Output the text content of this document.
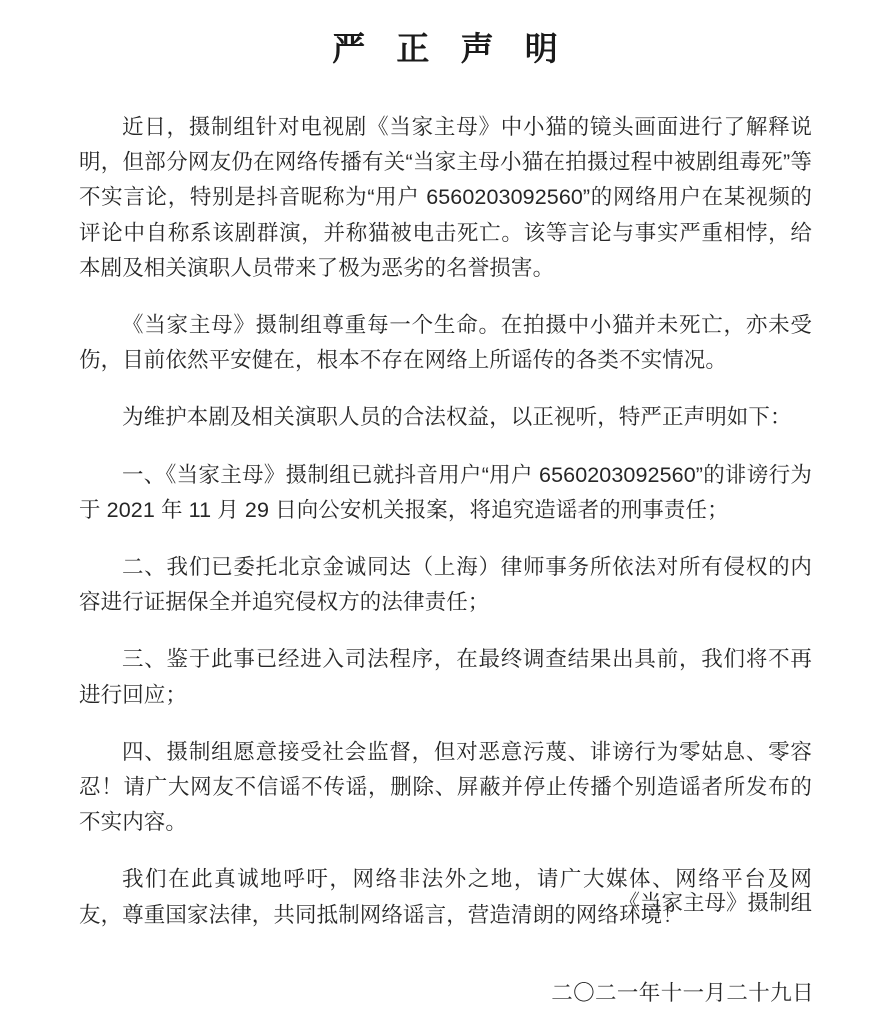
严 正 声 明

近日，摄制组针对电视剧《当家主母》中小猫的镜头画面进行了解释说明，但部分网友仍在网络传播有关“当家主母小猫在拍摄过程中被剧组毒死”等不实言论，特别是抖音昵称为“用户 6560203092560”的网络用户在某视频的评论中自称系该剧群演，并称猫被电击死亡。该等言论与事实严重相悖，给本剧及相关演职人员带来了极为恶劣的名誉损害。

《当家主母》摄制组尊重每一个生命。在拍摄中小猫并未死亡，亦未受伤，目前依然平安健在，根本不存在网络上所谣传的各类不实情况。

为维护本剧及相关演职人员的合法权益，以正视听，特严正声明如下：

一、《当家主母》摄制组已就抖音用户“用户 6560203092560”的诽谤行为于 2021 年 11 月 29 日向公安机关报案，将追究造谣者的刑事责任；

二、我们已委托北京金诚同达（上海）律师事务所依法对所有侵权的内容进行证据保全并追究侵权方的法律责任；

三、鉴于此事已经进入司法程序，在最终调查结果出具前，我们将不再进行回应；

四、摄制组愿意接受社会监督，但对恶意污蔑、诽谤行为零姑息、零容忍！请广大网友不信谣不传谣，删除、屏蔽并停止传播个别造谣者所发布的不实内容。

我们在此真诚地呼吁，网络非法外之地，请广大媒体、网络平台及网友，尊重国家法律，共同抵制网络谣言，营造清朗的网络环境！

《当家主母》摄制组

二〇二一年十一月二十九日
